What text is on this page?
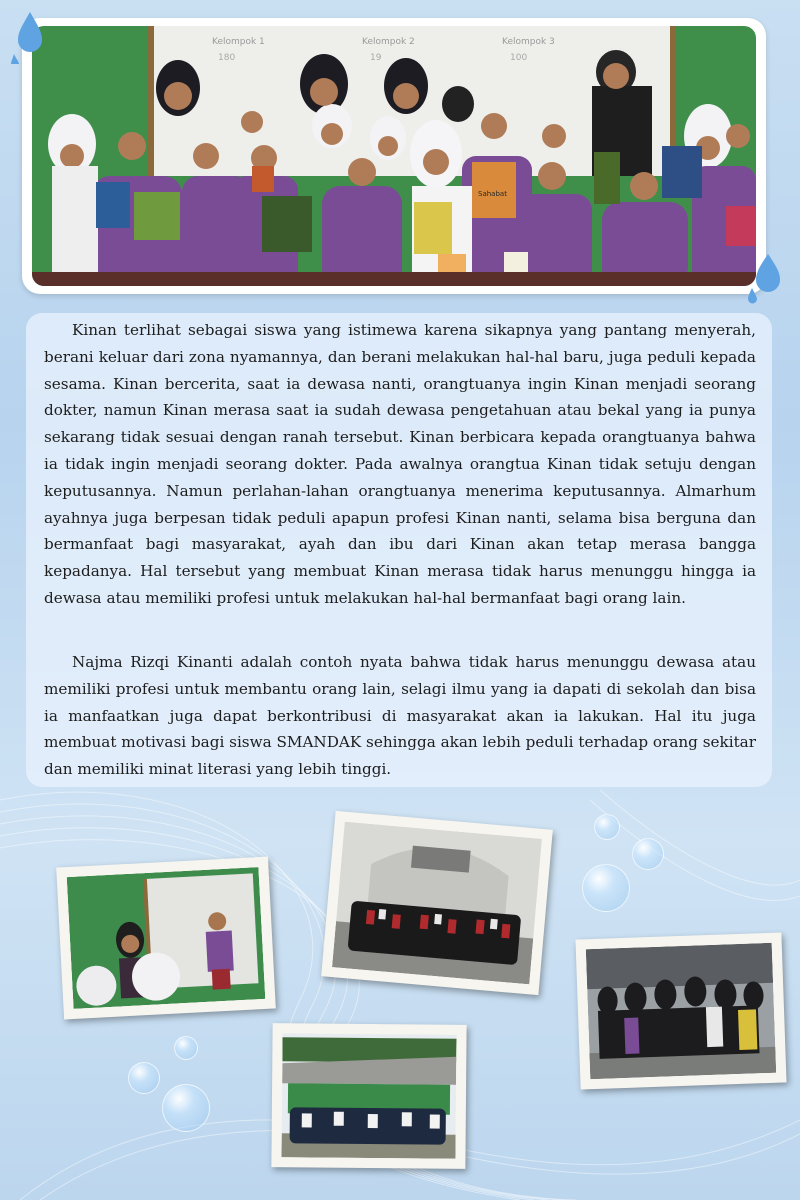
Kelompok 1	Kelompok 2	Kelompok 3
180	19	100
Sahabat

Kinan terlihat sebagai siswa yang istimewa karena sikapnya yang pantang menyerah, berani keluar dari zona nyamannya, dan berani melakukan hal-hal baru, juga peduli kepada sesama. Kinan bercerita, saat ia dewasa nanti, orangtuanya ingin Kinan menjadi seorang dokter, namun Kinan merasa saat ia sudah dewasa pengetahuan atau bekal yang ia punya sekarang tidak sesuai dengan ranah tersebut. Kinan berbicara kepada orangtuanya bahwa ia tidak ingin menjadi seorang dokter. Pada awalnya orangtua Kinan tidak setuju dengan keputusannya. Namun perlahan-lahan orangtuanya menerima keputusannya. Almarhum ayahnya juga berpesan tidak peduli apapun profesi Kinan nanti, selama bisa berguna dan bermanfaat bagi masyarakat, ayah dan ibu dari Kinan akan tetap merasa bangga kepadanya. Hal tersebut yang membuat Kinan merasa tidak harus menunggu hingga ia dewasa atau memiliki profesi untuk melakukan hal-hal bermanfaat bagi orang lain.

Najma Rizqi Kinanti adalah contoh nyata bahwa tidak harus menunggu dewasa atau memiliki profesi untuk membantu orang lain, selagi ilmu yang ia dapati di sekolah dan bisa ia manfaatkan juga dapat berkontribusi di masyarakat akan ia lakukan. Hal itu juga membuat motivasi bagi siswa SMANDAK sehingga akan lebih peduli terhadap orang sekitar dan memiliki minat literasi yang lebih tinggi.
